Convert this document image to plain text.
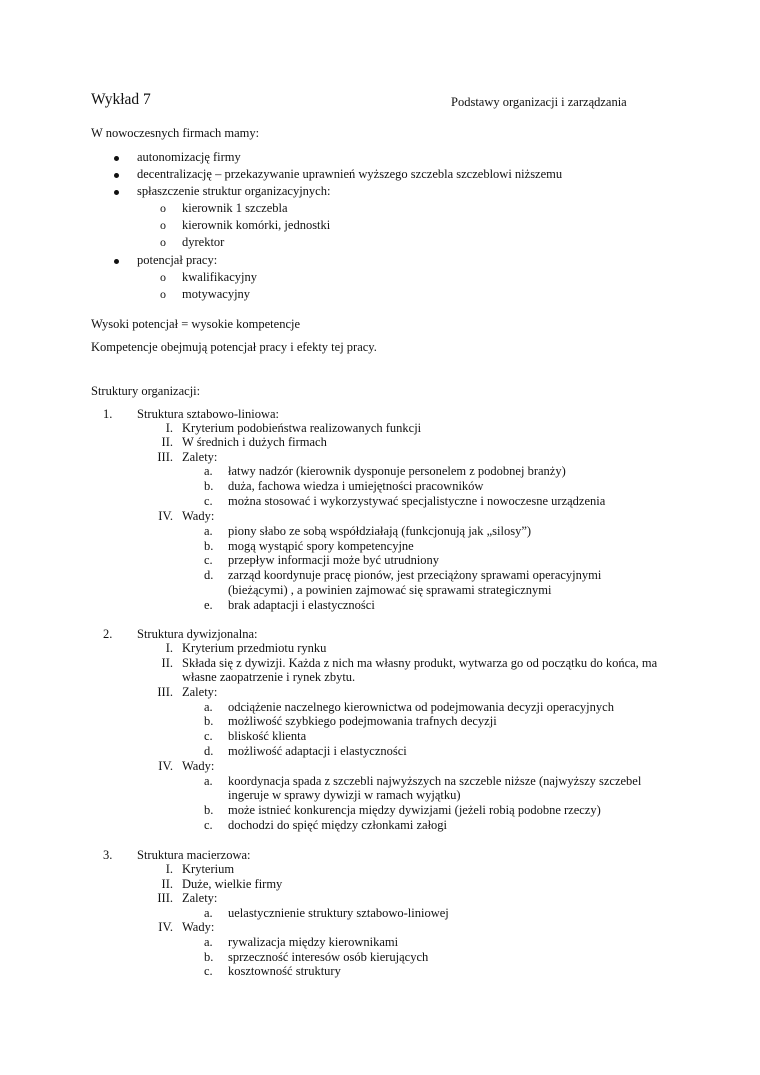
Wykład 7	Podstawy organizacji i zarządzania
W nowoczesnych firmach mamy:
autonomizację firmy
decentralizację – przekazywanie uprawnień wyższego szczebla szczeblowi niższemu
spłaszczenie struktur organizacyjnych:
o kierownik 1 szczebla
o kierownik komórki, jednostki
o dyrektor
potencjał pracy:
o kwalifikacyjny
o motywacyjny
Wysoki potencjał = wysokie kompetencje
Kompetencje obejmują potencjał pracy i efekty tej pracy.
Struktury organizacji:
1. Struktura sztabowo-liniowa:
I. Kryterium podobieństwa realizowanych funkcji
II. W średnich i dużych firmach
III. Zalety:
a. łatwy nadzór (kierownik dysponuje personelem z podobnej branży)
b. duża, fachowa wiedza i umiejętności pracowników
c. można stosować i wykorzystywać specjalistyczne i nowoczesne urządzenia
IV. Wady:
a. piony słabo ze sobą współdziałają (funkcjonują jak „silosy”)
b. mogą wystąpić spory kompetencyjne
c. przepływ informacji może być utrudniony
d. zarząd koordynuje pracę pionów, jest przeciążony sprawami operacyjnymi
(bieżącymi) , a powinien zajmować się sprawami strategicznymi
e. brak adaptacji i elastyczności
2. Struktura dywizjonalna:
I. Kryterium przedmiotu rynku
II. Składa się z dywizji. Każda z nich ma własny produkt, wytwarza go od początku do końca, ma
własne zaopatrzenie i rynek zbytu.
III. Zalety:
a. odciążenie naczelnego kierownictwa od podejmowania decyzji operacyjnych
b. możliwość szybkiego podejmowania trafnych decyzji
c. bliskość klienta
d. możliwość adaptacji i elastyczności
IV. Wady:
a. koordynacja spada z szczebli najwyższych na szczeble niższe (najwyższy szczebel
ingeruje w sprawy dywizji w ramach wyjątku)
b. może istnieć konkurencja między dywizjami (jeżeli robią podobne rzeczy)
c. dochodzi do spięć między członkami załogi
3. Struktura macierzowa:
I. Kryterium
II. Duże, wielkie firmy
III. Zalety:
a. uelastycznienie struktury sztabowo-liniowej
IV. Wady:
a. rywalizacja między kierownikami
b. sprzeczność interesów osób kierujących
c. kosztowność struktury
